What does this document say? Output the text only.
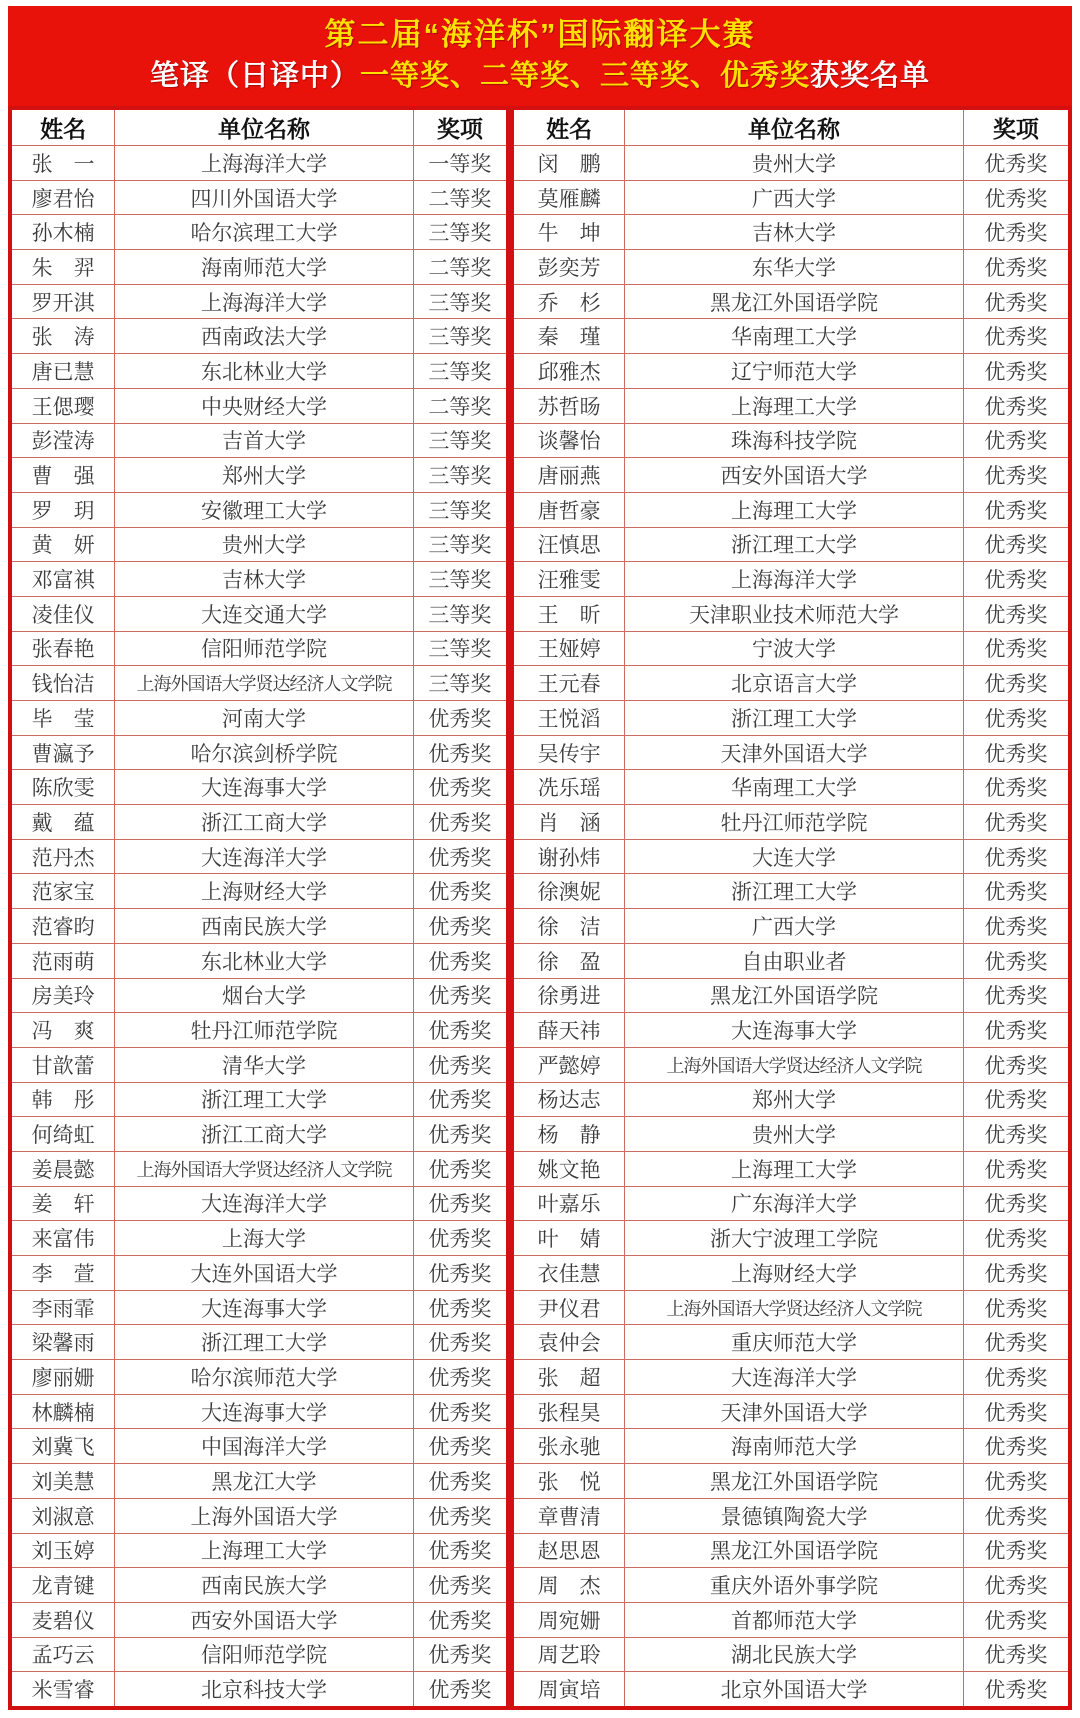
第二届“海洋杯”国际翻译大赛
笔译（日译中）一等奖、二等奖、三等奖、优秀奖获奖名单
姓名	单位名称	奖项
张　一	上海海洋大学	一等奖
廖君怡	四川外国语大学	二等奖
孙木楠	哈尔滨理工大学	三等奖
朱　羿	海南师范大学	二等奖
罗开淇	上海海洋大学	三等奖
张　涛	西南政法大学	三等奖
唐已慧	东北林业大学	三等奖
王偲璎	中央财经大学	二等奖
彭滢涛	吉首大学	三等奖
曹　强	郑州大学	三等奖
罗　玥	安徽理工大学	三等奖
黄　妍	贵州大学	三等奖
邓富祺	吉林大学	三等奖
凌佳仪	大连交通大学	三等奖
张春艳	信阳师范学院	三等奖
钱怡洁	上海外国语大学贤达经济人文学院	三等奖
毕　莹	河南大学	优秀奖
曹瀛予	哈尔滨剑桥学院	优秀奖
陈欣雯	大连海事大学	优秀奖
戴　蕴	浙江工商大学	优秀奖
范丹杰	大连海洋大学	优秀奖
范家宝	上海财经大学	优秀奖
范睿昀	西南民族大学	优秀奖
范雨萌	东北林业大学	优秀奖
房美玲	烟台大学	优秀奖
冯　爽	牡丹江师范学院	优秀奖
甘歆蕾	清华大学	优秀奖
韩　彤	浙江理工大学	优秀奖
何绮虹	浙江工商大学	优秀奖
姜晨懿	上海外国语大学贤达经济人文学院	优秀奖
姜　轩	大连海洋大学	优秀奖
来富伟	上海大学	优秀奖
李　萱	大连外国语大学	优秀奖
李雨霏	大连海事大学	优秀奖
梁馨雨	浙江理工大学	优秀奖
廖丽姗	哈尔滨师范大学	优秀奖
林麟楠	大连海事大学	优秀奖
刘冀飞	中国海洋大学	优秀奖
刘美慧	黑龙江大学	优秀奖
刘淑意	上海外国语大学	优秀奖
刘玉婷	上海理工大学	优秀奖
龙青键	西南民族大学	优秀奖
麦碧仪	西安外国语大学	优秀奖
孟巧云	信阳师范学院	优秀奖
米雪睿	北京科技大学	优秀奖
姓名	单位名称	奖项
闵　鹏	贵州大学	优秀奖
莫雁麟	广西大学	优秀奖
牛　坤	吉林大学	优秀奖
彭奕芳	东华大学	优秀奖
乔　杉	黑龙江外国语学院	优秀奖
秦　瑾	华南理工大学	优秀奖
邱雅杰	辽宁师范大学	优秀奖
苏哲旸	上海理工大学	优秀奖
谈馨怡	珠海科技学院	优秀奖
唐丽燕	西安外国语大学	优秀奖
唐哲豪	上海理工大学	优秀奖
汪慎思	浙江理工大学	优秀奖
汪雅雯	上海海洋大学	优秀奖
王　昕	天津职业技术师范大学	优秀奖
王娅婷	宁波大学	优秀奖
王元春	北京语言大学	优秀奖
王悦滔	浙江理工大学	优秀奖
吴传宇	天津外国语大学	优秀奖
冼乐瑶	华南理工大学	优秀奖
肖　涵	牡丹江师范学院	优秀奖
谢孙炜	大连大学	优秀奖
徐澳妮	浙江理工大学	优秀奖
徐　洁	广西大学	优秀奖
徐　盈	自由职业者	优秀奖
徐勇进	黑龙江外国语学院	优秀奖
薛天祎	大连海事大学	优秀奖
严懿婷	上海外国语大学贤达经济人文学院	优秀奖
杨达志	郑州大学	优秀奖
杨　静	贵州大学	优秀奖
姚文艳	上海理工大学	优秀奖
叶嘉乐	广东海洋大学	优秀奖
叶　婧	浙大宁波理工学院	优秀奖
衣佳慧	上海财经大学	优秀奖
尹仪君	上海外国语大学贤达经济人文学院	优秀奖
袁仲会	重庆师范大学	优秀奖
张　超	大连海洋大学	优秀奖
张程昊	天津外国语大学	优秀奖
张永驰	海南师范大学	优秀奖
张　悦	黑龙江外国语学院	优秀奖
章曹清	景德镇陶瓷大学	优秀奖
赵思恩	黑龙江外国语学院	优秀奖
周　杰	重庆外语外事学院	优秀奖
周宛姗	首都师范大学	优秀奖
周艺聆	湖北民族大学	优秀奖
周寅培	北京外国语大学	优秀奖
